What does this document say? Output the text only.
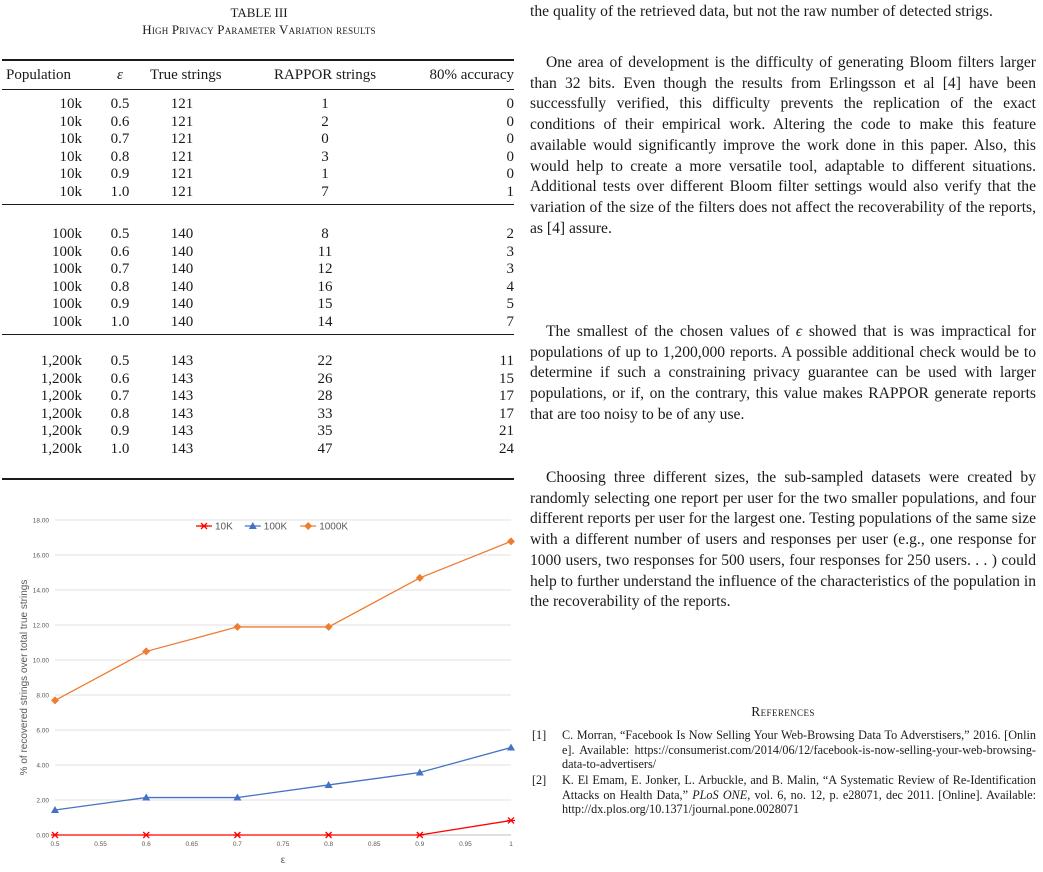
TABLE III
High Privacy Parameter Variation results
Population	ε	True strings	RAPPOR strings	80% accuracy
10k	0.5	121	1	0
10k	0.6	121	2	0
10k	0.7	121	0	0
10k	0.8	121	3	0
10k	0.9	121	1	0
10k	1.0	121	7	1
100k	0.5	140	8	2
100k	0.6	140	11	3
100k	0.7	140	12	3
100k	0.8	140	16	4
100k	0.9	140	15	5
100k	1.0	140	14	7
1,200k	0.5	143	22	11
1,200k	0.6	143	26	15
1,200k	0.7	143	28	17
1,200k	0.8	143	33	17
1,200k	0.9	143	35	21
1,200k	1.0	143	47	24
0.00
2.00
4.00
6.00
8.00
10.00
12.00
14.00
16.00
18.00
0.5	0.55	0.6	0.65	0.7	0.75	0.8	0.85	0.9	0.95	1
ε
% of recovered strings over total true strings
10K	100K	1000K
the quality of the retrieved data, but not the raw number of detected strigs.
One area of development is the difficulty of generating Bloom filters larger than 32 bits. Even though the results from Erlingsson et al [4] have been successfully verified, this difficulty prevents the replication of the exact conditions of their empirical work. Altering the code to make this feature available would significantly improve the work done in this paper. Also, this would help to create a more versatile tool, adaptable to different situations. Additional tests over different Bloom filter settings would also verify that the variation of the size of the filters does not affect the recoverability of the reports, as [4] assure.
The smallest of the chosen values of ϵ showed that is was impractical for populations of up to 1,200,000 reports. A possible additional check would be to determine if such a constraining privacy guarantee can be used with larger populations, or if, on the contrary, this value makes RAPPOR generate reports that are too noisy to be of any use.
Choosing three different sizes, the sub-sampled datasets were created by randomly selecting one report per user for the two smaller populations, and four different reports per user for the largest one. Testing populations of the same size with a different number of users and responses per user (e.g., one response for 1000 users, two responses for 500 users, four responses for 250 users. . . ) could help to further understand the influence of the characteristics of the population in the recoverability of the reports.
References
[1] C. Morran, “Facebook Is Now Selling Your Web-Browsing Data To Adverstisers,” 2016. [Online]. Available: https://consumerist.com/2014/06/12/facebook-is-now-selling-your-web-browsing-data-to-advertisers/
[2] K. El Emam, E. Jonker, L. Arbuckle, and B. Malin, “A Systematic Review of Re-Identification Attacks on Health Data,” PLoS ONE, vol. 6, no. 12, p. e28071, dec 2011. [Online]. Available: http://dx.plos.org/10.1371/journal.pone.0028071
